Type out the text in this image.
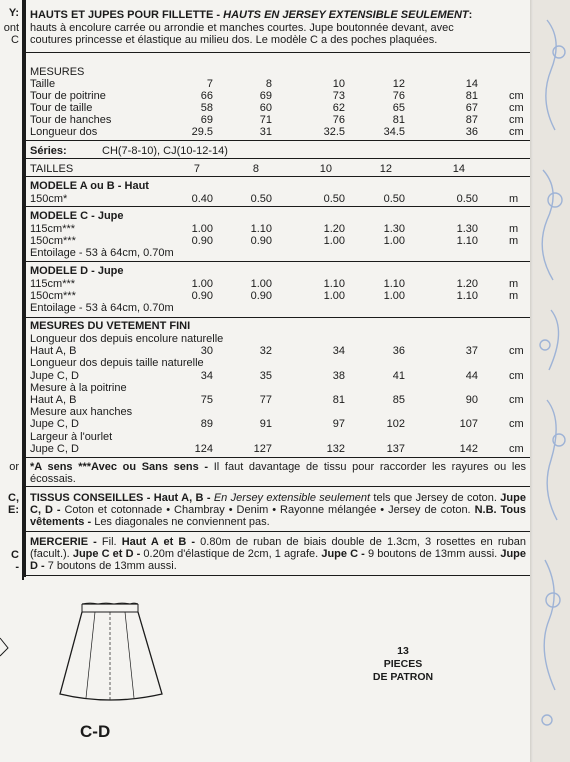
Y:
ont
C
or
C,
E:
C
-
HAUTS ET JUPES POUR FILLETTE - HAUTS EN JERSEY EXTENSIBLE SEULEMENT:
hauts à encolure carrée ou arrondie et manches courtes. Jupe boutonnée devant, avec
coutures princesse et élastique au milieu dos. Le modèle C a des poches plaquées.
MESURES
Taille	7	8	10	12	14
Tour de poitrine	66	69	73	76	81	cm
Tour de taille	58	60	62	65	67	cm
Tour de hanches	69	71	76	81	87	cm
Longueur dos	29.5	31	32.5	34.5	36	cm
Séries:	CH(7-8-10), CJ(10-12-14)
TAILLES	7	8	10	12	14
MODELE A ou B - Haut
150cm*	0.40	0.50	0.50	0.50	0.50	m
MODELE C - Jupe
Entoilage - 53 à 64cm, 0.70m
115cm***	1.00	1.10	1.20	1.30	1.30	m
150cm***	0.90	0.90	1.00	1.00	1.10	m
MODELE D - Jupe
Entoilage - 53 à 64cm, 0.70m
115cm***	1.00	1.00	1.10	1.10	1.20	m
150cm***	0.90	0.90	1.00	1.00	1.10	m
MESURES DU VETEMENT FINI
Longueur dos depuis encolure naturelle
Haut A, B	30	32	34	36	37	cm
Longueur dos depuis taille naturelle
Jupe C, D	34	35	38	41	44	cm
Mesure à la poitrine
Haut A, B	75	77	81	85	90	cm
Mesure aux hanches
Jupe C, D	89	91	97	102	107	cm
Largeur à l'ourlet
Jupe C, D	124	127	132	137	142	cm
*A sens ***Avec ou Sans sens - Il faut davantage de tissu pour raccorder les rayures ou les écossais.
TISSUS CONSEILLES - Haut A, B - En Jersey extensible seulement tels que Jersey de coton. Jupe C, D - Coton et cotonnade • Chambray • Denim • Rayonne mélangée • Jersey de coton. N.B. Tous vêtements - Les diagonales ne conviennent pas.
MERCERIE - Fil. Haut A et B - 0.80m de ruban de biais double de 1.3cm, 3 rosettes en ruban (facult.). Jupe C et D - 0.20m d'élastique de 2cm, 1 agrafe. Jupe C - 9 boutons de 13mm aussi. Jupe D - 7 boutons de 13mm aussi.
C-D
13
PIECES
DE PATRON
